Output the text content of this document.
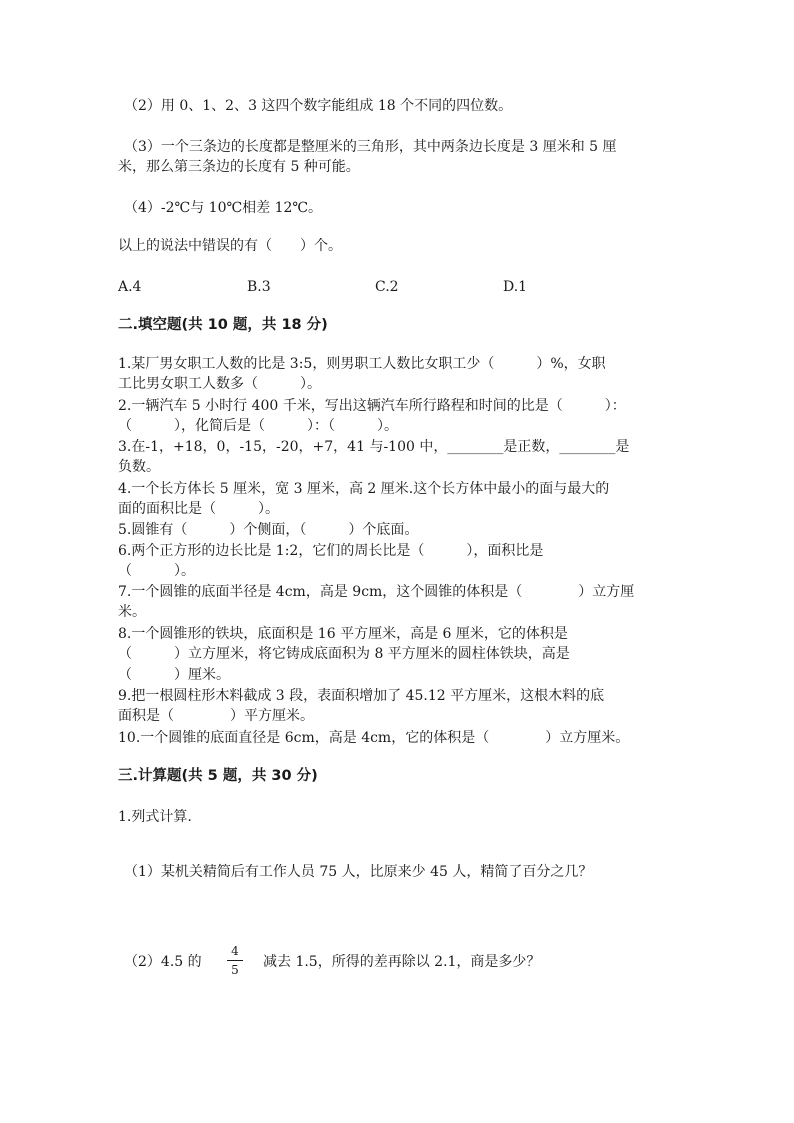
（2）用 0、1、2、3 这四个数字能组成 18 个不同的四位数。
（3）一个三条边的长度都是整厘米的三角形，其中两条边长度是 3 厘米和 5 厘
米，那么第三条边的长度有 5 种可能。
（4）-2℃与 10℃相差 12℃。
以上的说法中错误的有（　　）个。
A.4	B.3	C.2	D.1
二.填空题(共 10 题，共 18 分)
1.某厂男女职工人数的比是 3:5，则男职工人数比女职工少（　　　）%，女职
工比男女职工人数多（　　　）。
2.一辆汽车 5 小时行 400 千米，写出这辆汽车所行路程和时间的比是（　　　）：
（　　　），化简后是（　　　）：（　　　）。
3.在-1，+18，0，-15，-20，+7，41 与-100 中，________是正数，________是
负数。
4.一个长方体长 5 厘米，宽 3 厘米，高 2 厘米.这个长方体中最小的面与最大的
面的面积比是（　　　）。
5.圆锥有（　　　）个侧面，（　　　）个底面。
6.两个正方形的边长比是 1:2，它们的周长比是（　　　），面积比是
（　　　）。
7.一个圆锥的底面半径是 4cm，高是 9cm，这个圆锥的体积是（　　　　）立方厘
米。
8.一个圆锥形的铁块，底面积是 16 平方厘米，高是 6 厘米，它的体积是
（　　　）立方厘米，将它铸成底面积为 8 平方厘米的圆柱体铁块，高是
（　　　）厘米。
9.把一根圆柱形木料截成 3 段，表面积增加了 45.12 平方厘米，这根木料的底
面积是（　　　　）平方厘米。
10.一个圆锥的底面直径是 6cm，高是 4cm，它的体积是（　　　　）立方厘米。
三.计算题(共 5 题，共 30 分)
1.列式计算.
（1）某机关精简后有工作人员 75 人，比原来少 45 人，精简了百分之几？
（2）4.5 的
4
5 减去 1.5，所得的差再除以 2.1，商是多少？
